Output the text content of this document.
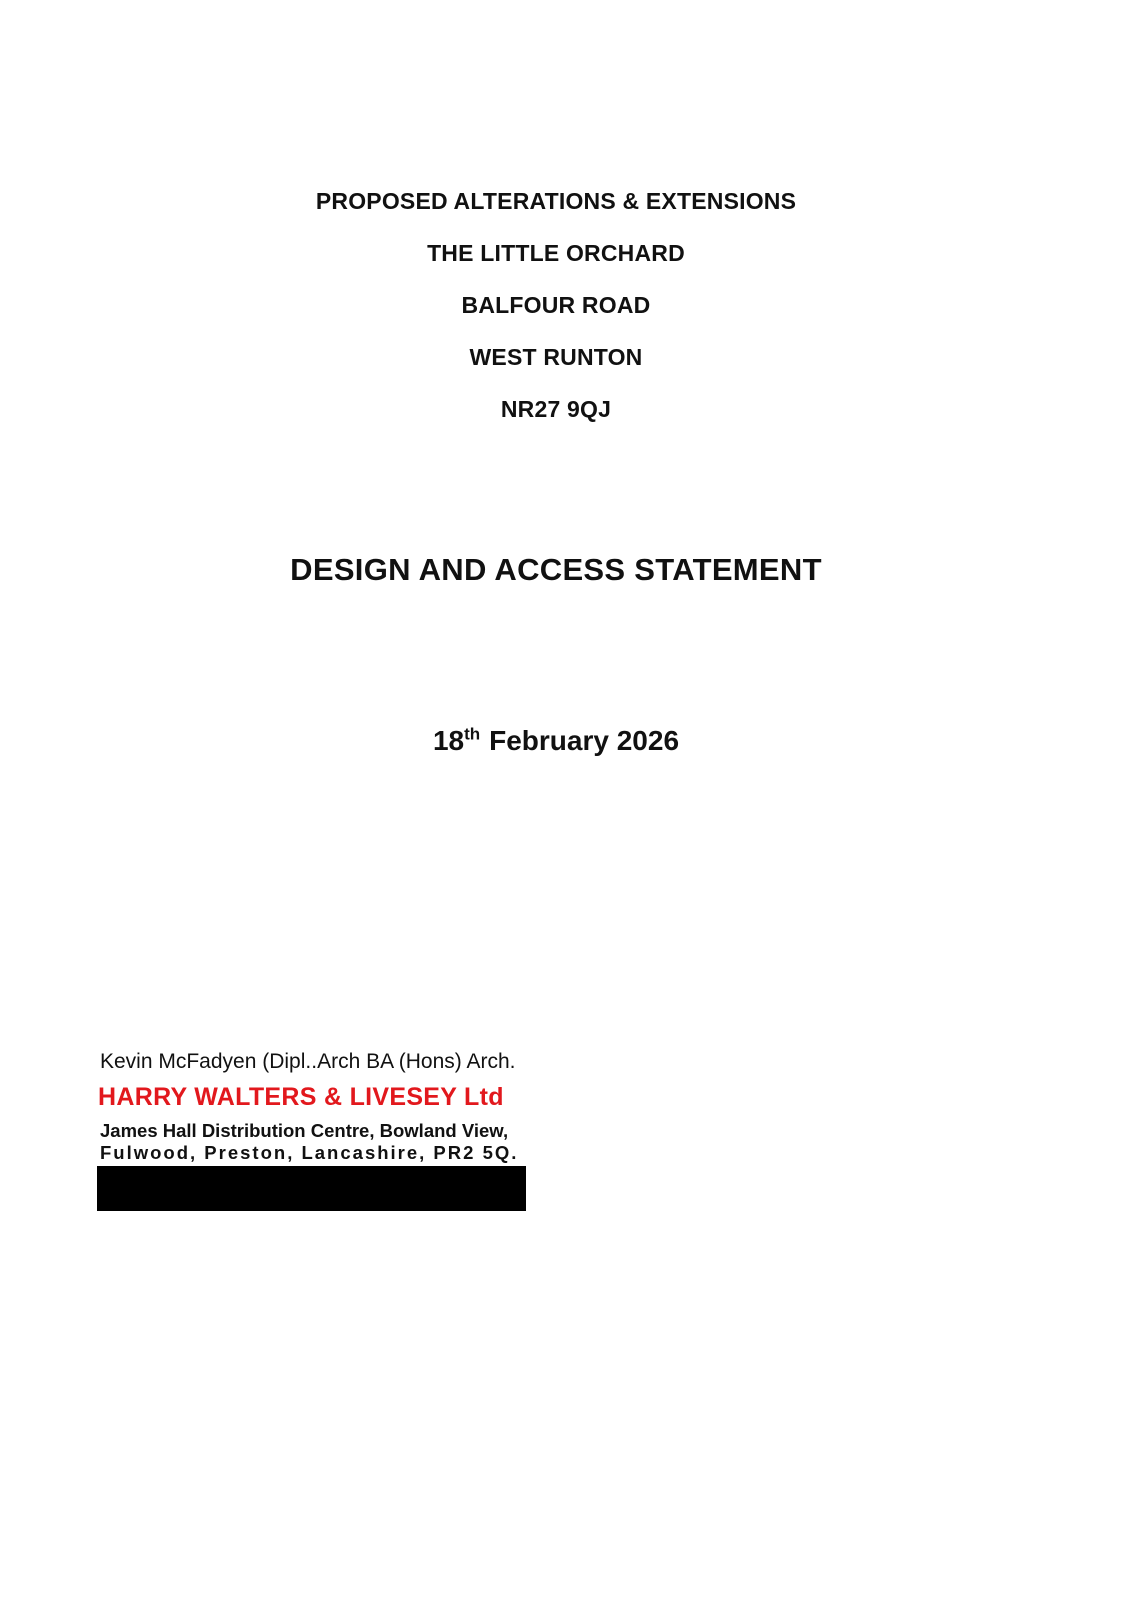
PROPOSED ALTERATIONS & EXTENSIONS
THE LITTLE ORCHARD
BALFOUR ROAD
WEST RUNTON
NR27 9QJ
DESIGN AND ACCESS STATEMENT
18th February 2026
Kevin McFadyen (Dipl..Arch BA (Hons) Arch.
HARRY WALTERS & LIVESEY Ltd
James Hall Distribution Centre, Bowland View,
Fulwood, Preston, Lancashire, PR2 5Q.
